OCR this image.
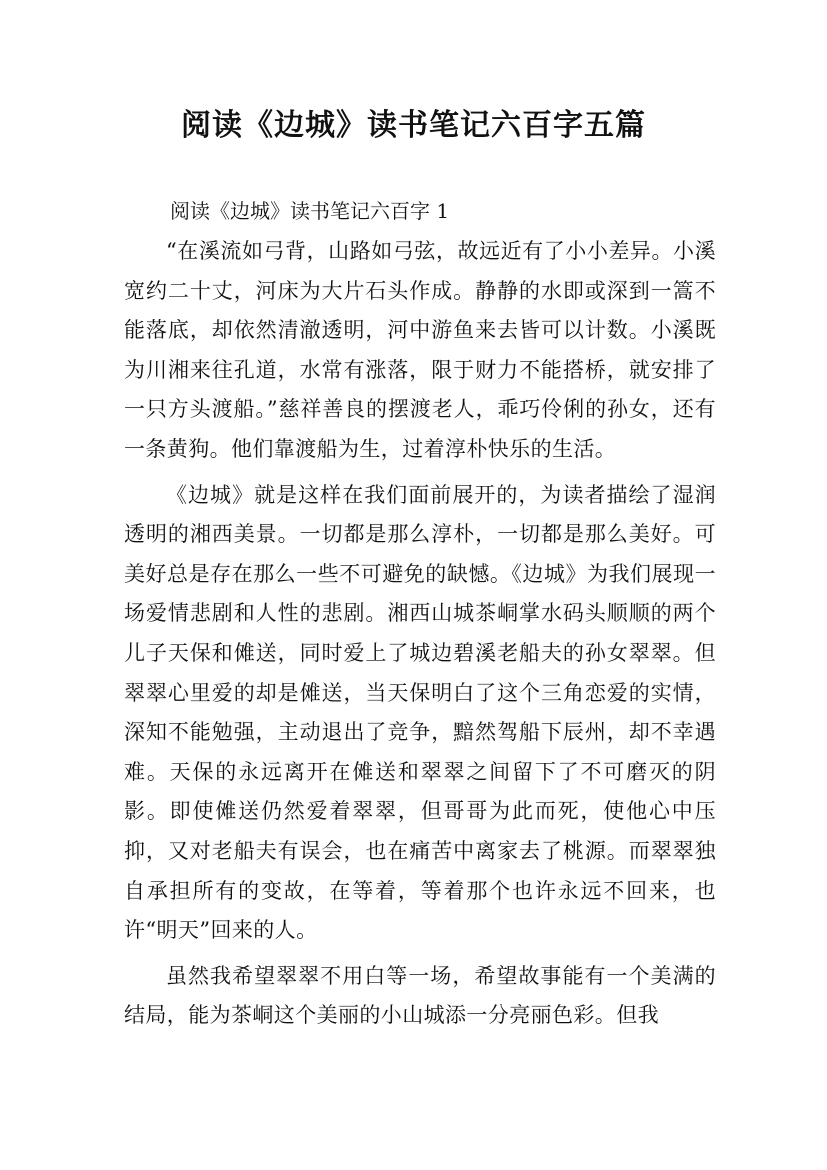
阅读《边城》读书笔记六百字五篇

阅读《边城》读书笔记六百字 1

“在溪流如弓背，山路如弓弦，故远近有了小小差异。小溪宽约二十丈，河床为大片石头作成。静静的水即或深到一篙不能落底，却依然清澈透明，河中游鱼来去皆可以计数。小溪既为川湘来往孔道，水常有涨落，限于财力不能搭桥，就安排了一只方头渡船。”慈祥善良的摆渡老人，乖巧伶俐的孙女，还有一条黄狗。他们靠渡船为生，过着淳朴快乐的生活。

《边城》就是这样在我们面前展开的，为读者描绘了湿润透明的湘西美景。一切都是那么淳朴，一切都是那么美好。可美好总是存在那么一些不可避免的缺憾。《边城》为我们展现一场爱情悲剧和人性的悲剧。湘西山城茶峒掌水码头顺顺的两个儿子天保和傩送，同时爱上了城边碧溪老船夫的孙女翠翠。但翠翠心里爱的却是傩送，当天保明白了这个三角恋爱的实情，深知不能勉强，主动退出了竞争，黯然驾船下辰州，却不幸遇难。天保的永远离开在傩送和翠翠之间留下了不可磨灭的阴影。即使傩送仍然爱着翠翠，但哥哥为此而死，使他心中压抑，又对老船夫有误会，也在痛苦中离家去了桃源。而翠翠独自承担所有的变故，在等着，等着那个也许永远不回来，也许“明天”回来的人。

虽然我希望翠翠不用白等一场，希望故事能有一个美满的结局，能为茶峒这个美丽的小山城添一分亮丽色彩。但我
